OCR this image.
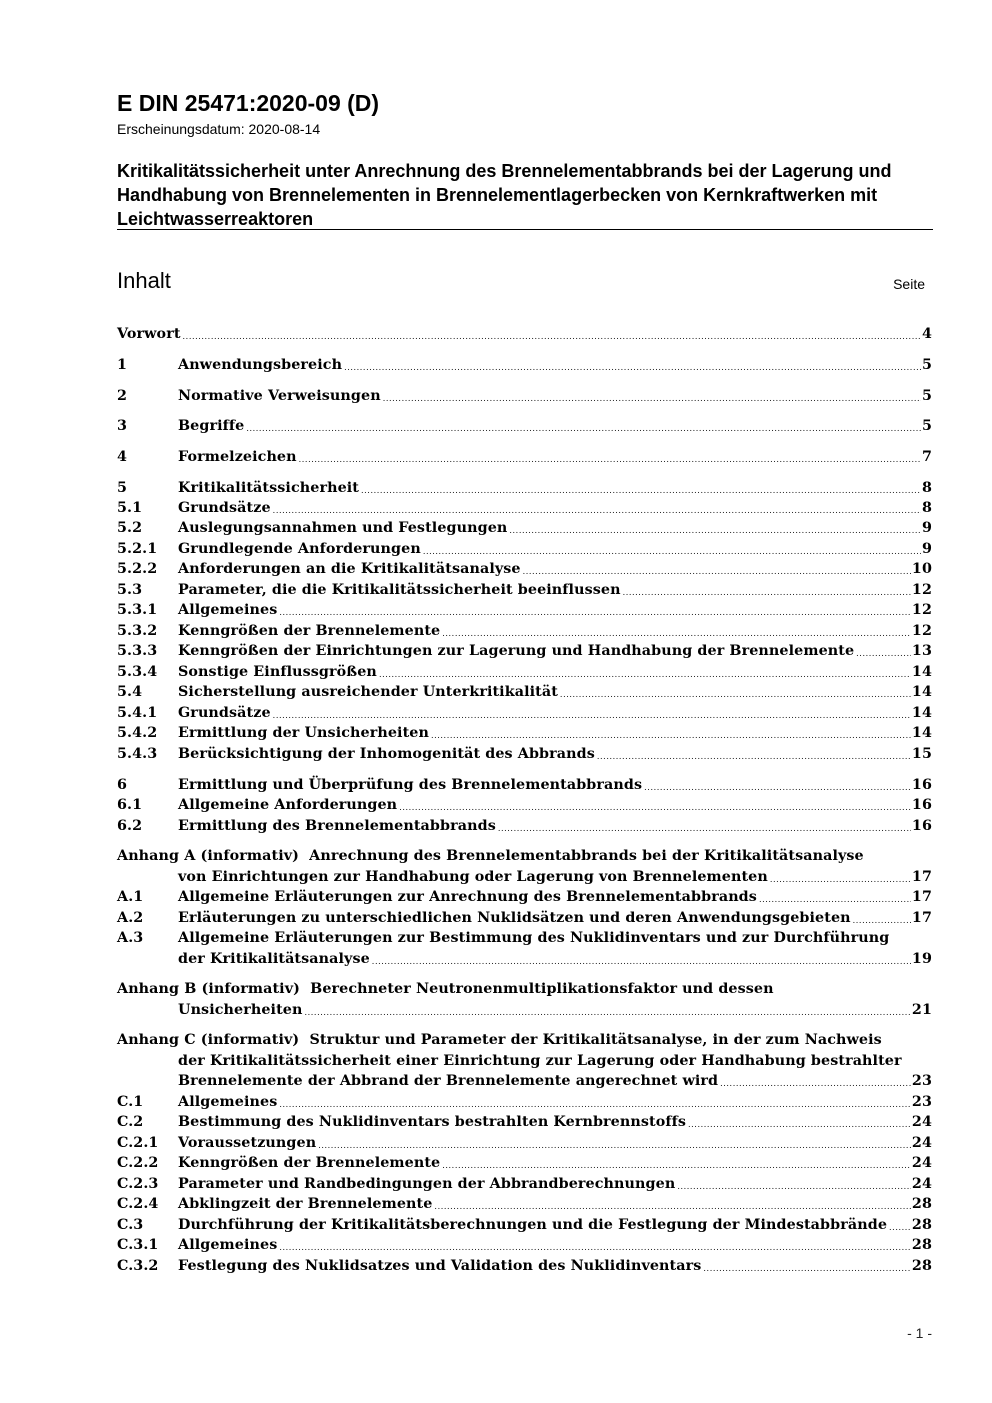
E DIN 25471:2020-09 (D)
Erscheinungsdatum: 2020-08-14
Kritikalitätssicherheit unter Anrechnung des Brennelementabbrands bei der Lagerung und Handhabung von Brennelementen in Brennelementlagerbecken von Kernkraftwerken mit Leichtwasserreaktoren
Inhalt	Seite
Vorwort .....	4
1	Anwendungsbereich .....	5
2	Normative Verweisungen .....	5
3	Begriffe .....	5
4	Formelzeichen .....	7
5	Kritikalitätssicherheit .....	8
5.1	Grundsätze .....	8
5.2	Auslegungsannahmen und Festlegungen .....	9
5.2.1 Grundlegende Anforderungen .....	9
5.2.2 Anforderungen an die Kritikalitätsanalyse .....	10
5.3	Parameter, die die Kritikalitätssicherheit beeinflussen .....	12
5.3.1 Allgemeines .....	12
5.3.2 Kenngrößen der Brennelemente .....	12
5.3.3 Kenngrößen der Einrichtungen zur Lagerung und Handhabung der Brennelemente .....	13
5.3.4 Sonstige Einflussgrößen .....	14
5.4	Sicherstellung ausreichender Unterkritikalität .....	14
5.4.1 Grundsätze .....	14
5.4.2 Ermittlung der Unsicherheiten .....	14
5.4.3 Berücksichtigung der Inhomogenität des Abbrands .....	15
6	Ermittlung und Überprüfung des Brennelementabbrands .....	16
6.1	Allgemeine Anforderungen .....	16
6.2	Ermittlung des Brennelementabbrands .....	16
Anhang A (informativ) Anrechnung des Brennelementabbrands bei der Kritikalitätsanalyse
von Einrichtungen zur Handhabung oder Lagerung von Brennelementen .....	17
A.1 Allgemeine Erläuterungen zur Anrechnung des Brennelementabbrands .....	17
A.2 Erläuterungen zu unterschiedlichen Nuklidsätzen und deren Anwendungsgebieten .....	17
A.3 Allgemeine Erläuterungen zur Bestimmung des Nuklidinventars und zur Durchführung
der Kritikalitätsanalyse .....	19
Anhang B (informativ) Berechneter Neutronenmultiplikationsfaktor und dessen
Unsicherheiten .....	21
Anhang C (informativ) Struktur und Parameter der Kritikalitätsanalyse, in der zum Nachweis
der Kritikalitätssicherheit einer Einrichtung zur Lagerung oder Handhabung bestrahlter
Brennelemente der Abbrand der Brennelemente angerechnet wird .....	23
C.1 Allgemeines .....	23
C.2 Bestimmung des Nuklidinventars bestrahlten Kernbrennstoffs .....	24
C.2.1 Voraussetzungen .....	24
C.2.2 Kenngrößen der Brennelemente .....	24
C.2.3 Parameter und Randbedingungen der Abbrandberechnungen .....	24
C.2.4 Abklingzeit der Brennelemente .....	28
C.3 Durchführung der Kritikalitätsberechnungen und die Festlegung der Mindestabbrände ..... 28
C.3.1 Allgemeines .....	28
C.3.2 Festlegung des Nuklidsatzes und Validation des Nuklidinventars .....	28
- 1 -
